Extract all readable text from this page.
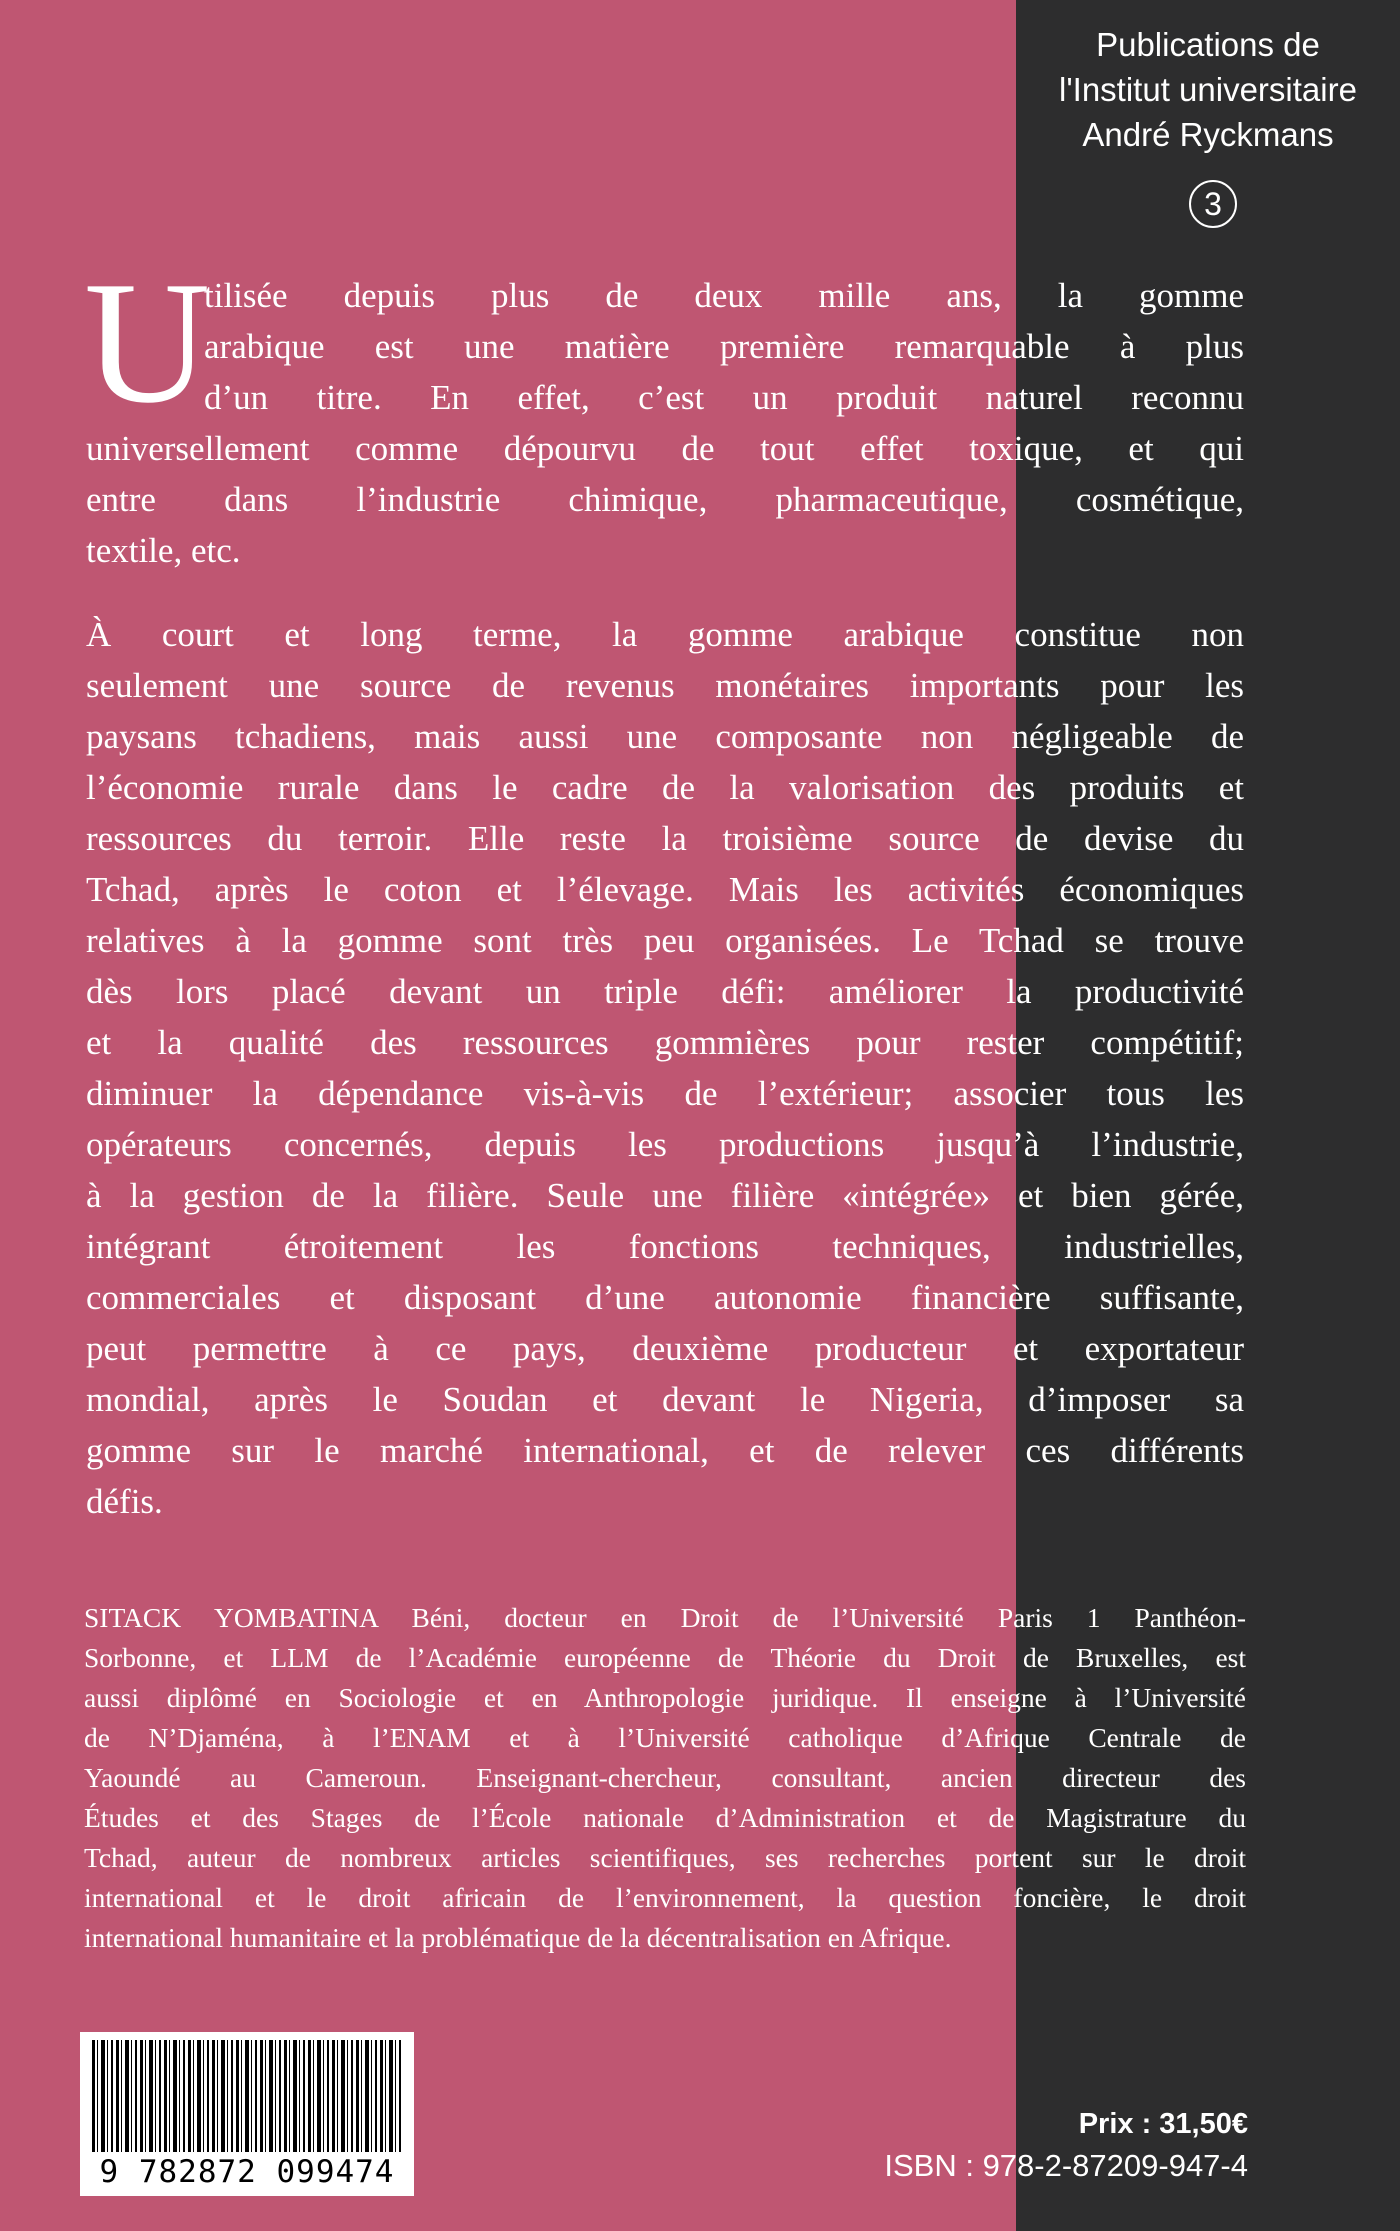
Publications de
l'Institut universitaire
André Ryckmans
3
U
tilisée depuis plus de deux mille ans, la gomme
arabique est une matière première remarquable à plus
d’un titre. En effet, c’est un produit naturel reconnu
universellement comme dépourvu de tout effet toxique, et qui
entre dans l’industrie chimique, pharmaceutique, cosmétique,
textile, etc.
À court et long terme, la gomme arabique constitue non
seulement une source de revenus monétaires importants pour les
paysans tchadiens, mais aussi une composante non négligeable de
l’économie rurale dans le cadre de la valorisation des produits et
ressources du terroir. Elle reste la troisième source de devise du
Tchad, après le coton et l’élevage. Mais les activités économiques
relatives à la gomme sont très peu organisées. Le Tchad se trouve
dès lors placé devant un triple défi: améliorer la productivité
et la qualité des ressources gommières pour rester compétitif;
diminuer la dépendance vis-à-vis de l’extérieur; associer tous les
opérateurs concernés, depuis les productions jusqu’à l’industrie,
à la gestion de la filière. Seule une filière «intégrée» et bien gérée,
intégrant étroitement les fonctions techniques, industrielles,
commerciales et disposant d’une autonomie financière suffisante,
peut permettre à ce pays, deuxième producteur et exportateur
mondial, après le Soudan et devant le Nigeria, d’imposer sa
gomme sur le marché international, et de relever ces différents
défis.
SITACK YOMBATINA Béni, docteur en Droit de l’Université Paris 1 Panthéon-
Sorbonne, et LLM de l’Académie européenne de Théorie du Droit de Bruxelles, est
aussi diplômé en Sociologie et en Anthropologie juridique. Il enseigne à l’Université
de N’Djaména, à l’ENAM et à l’Université catholique d’Afrique Centrale de
Yaoundé au Cameroun. Enseignant-chercheur, consultant, ancien directeur des
Études et des Stages de l’École nationale d’Administration et de Magistrature du
Tchad, auteur de nombreux articles scientifiques, ses recherches portent sur le droit
international et le droit africain de l’environnement, la question foncière, le droit
international humanitaire et la problématique de la décentralisation en Afrique.
9 782872 099474
Prix : 31,50€
ISBN : 978-2-87209-947-4
